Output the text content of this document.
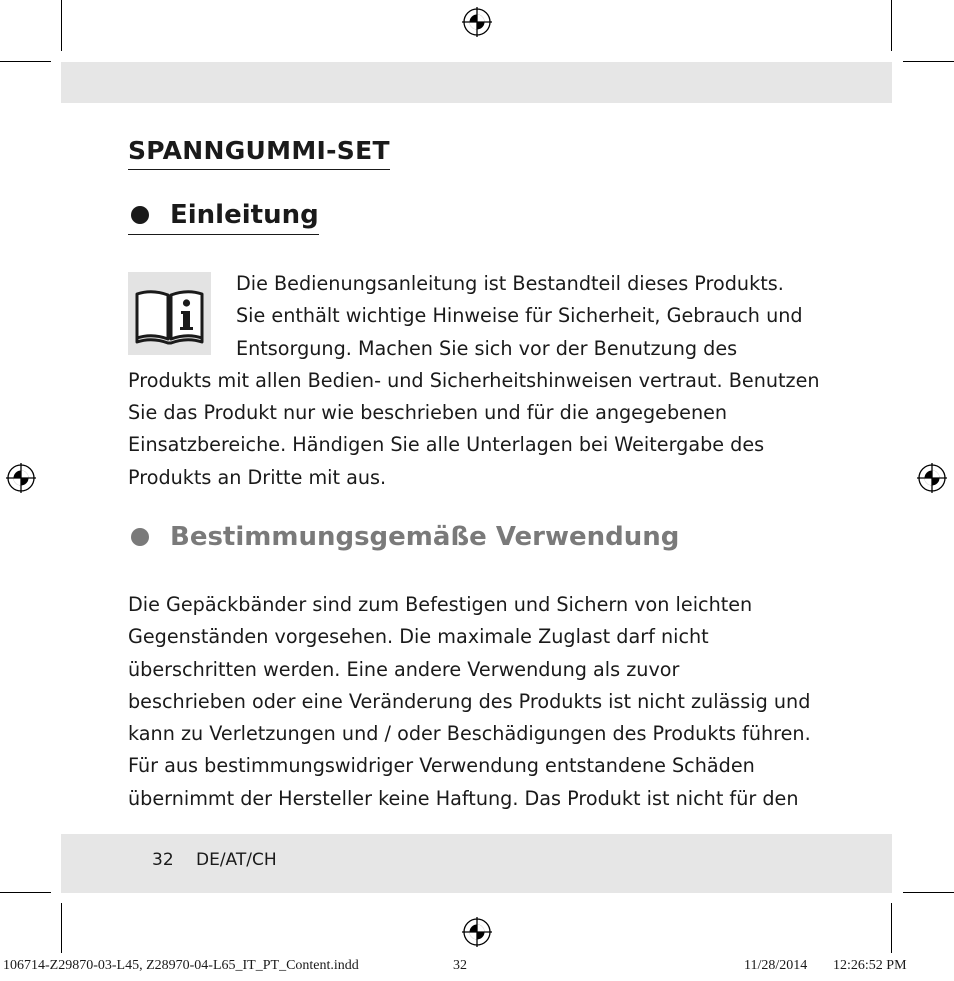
SPANNGUMMI-SET
Einleitung
Die Bedienungsanleitung ist Bestandteil dieses Produkts.
Sie enthält wichtige Hinweise für Sicherheit, Gebrauch und
Entsorgung. Machen Sie sich vor der Benutzung des
Produkts mit allen Bedien- und Sicherheitshinweisen vertraut. Benutzen
Sie das Produkt nur wie beschrieben und für die angegebenen
Einsatzbereiche. Händigen Sie alle Unterlagen bei Weitergabe des
Produkts an Dritte mit aus.
Bestimmungsgemäße Verwendung
Die Gepäckbänder sind zum Befestigen und Sichern von leichten
Gegenständen vorgesehen. Die maximale Zuglast darf nicht
überschritten werden. Eine andere Verwendung als zuvor
beschrieben oder eine Veränderung des Produkts ist nicht zulässig und
kann zu Verletzungen und / oder Beschädigungen des Produkts führen.
Für aus bestimmungswidriger Verwendung entstandene Schäden
übernimmt der Hersteller keine Haftung. Das Produkt ist nicht für den
32 DE/AT/CH
106714-Z29870-03-L45, Z28970-04-L65_IT_PT_Content.indd	32	11/28/2014 12:26:52 PM
